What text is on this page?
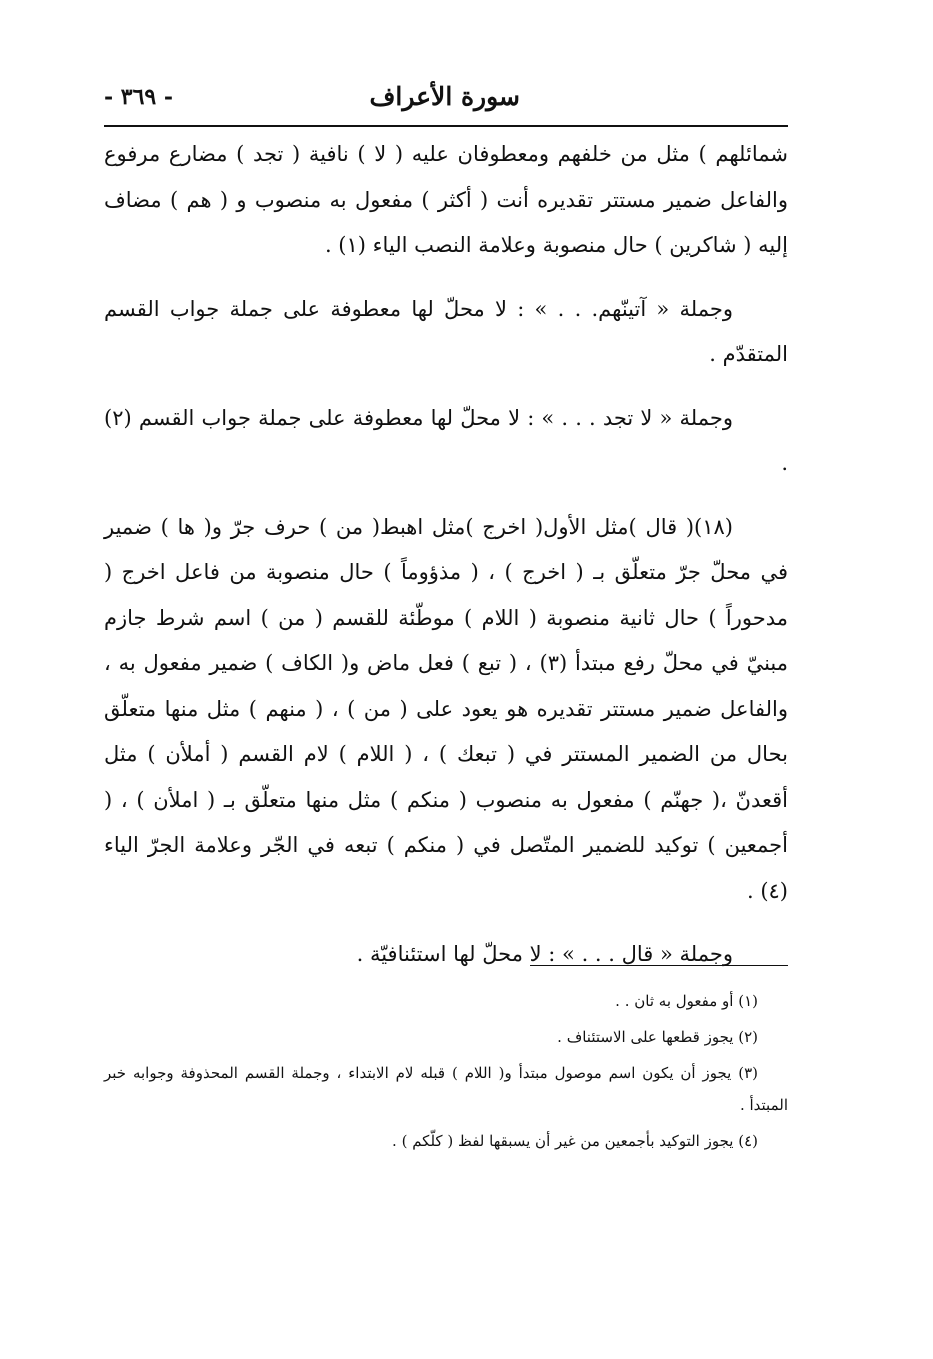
سورة الأعراف
- ٣٦٩ -

شمائلهم ) مثل من خلفهم ومعطوفان عليه ( لا ) نافية ( تجد ) مضارع مرفوع والفاعل ضمير مستتر تقديره أنت ( أكثر ) مفعول به منصوب و ( هم ) مضاف إليه ( شاكرين ) حال منصوبة وعلامة النصب الياء (١) .

وجملة « آتينّهم. . . » : لا محلّ لها معطوفة على جملة جواب القسم المتقدّم .

وجملة « لا تجد . . . » : لا محلّ لها معطوفة على جملة جواب القسم (٢) .

(١٨)( قال )مثل الأول( اخرج )مثل اهبط( من ) حرف جرّ و( ها ) ضمير في محلّ جرّ متعلّق بـ ( اخرج ) ، ( مذؤوماً ) حال منصوبة من فاعل اخرج ( مدحوراً ) حال ثانية منصوبة ( اللام ) موطّئة للقسم ( من ) اسم شرط جازم مبنيّ في محلّ رفع مبتدأ (٣) ، ( تبع ) فعل ماض و( الكاف ) ضمير مفعول به ، والفاعل ضمير مستتر تقديره هو يعود على ( من ) ، ( منهم ) مثل منها متعلّق بحال من الضمير المستتر في ( تبعك ) ، ( اللام ) لام القسم ( أملأن ) مثل أقعدنّ ،( جهنّم ) مفعول به منصوب ( منكم ) مثل منها متعلّق بـ ( املأن ) ، ( أجمعين ) توكيد للضمير المتّصل في ( منكم ) تبعه في الجّر وعلامة الجرّ الياء (٤) .

وجملة « قال . . . » : لا محلّ لها استئنافيّة .

(١) أو مفعول به ثان . .

(٢) يجوز قطعها على الاستئناف .

(٣) يجوز أن يكون اسم موصول مبتدأ و( اللام ) قبله لام الابتداء ، وجملة القسم المحذوفة وجوابه خبر المبتدأ .

(٤) يجوز التوكيد بأجمعين من غير أن يسبقها لفظ ( كلّكم ) .
